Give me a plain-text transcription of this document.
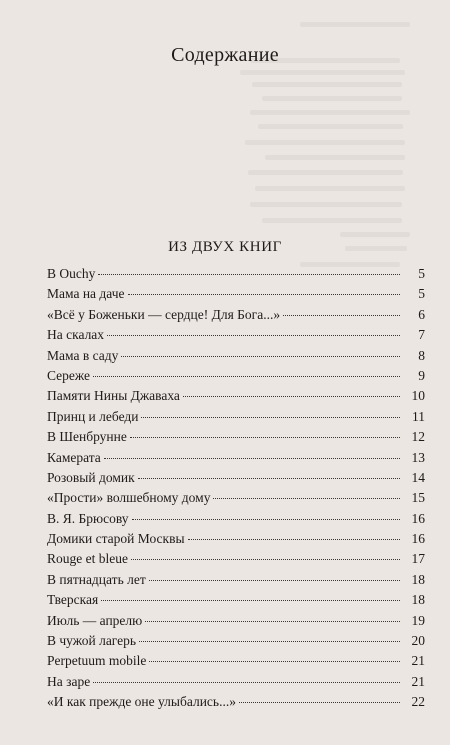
Содержание
ИЗ ДВУХ КНИГ
В Ouchy	5
Мама на даче	5
«Всё у Боженьки — сердце! Для Бога...»	6
На скалах	7
Мама в саду	8
Сереже	9
Памяти Нины Джаваха	10
Принц и лебеди	11
В Шенбрунне	12
Камерата	13
Розовый домик	14
«Прости» волшебному дому	15
В. Я. Брюсову	16
Домики старой Москвы	16
Rouge et bleue	17
В пятнадцать лет	18
Тверская	18
Июль — апрелю	19
В чужой лагерь	20
Perpetuum mobile	21
На заре	21
«И как прежде оне улыбались...»	22
